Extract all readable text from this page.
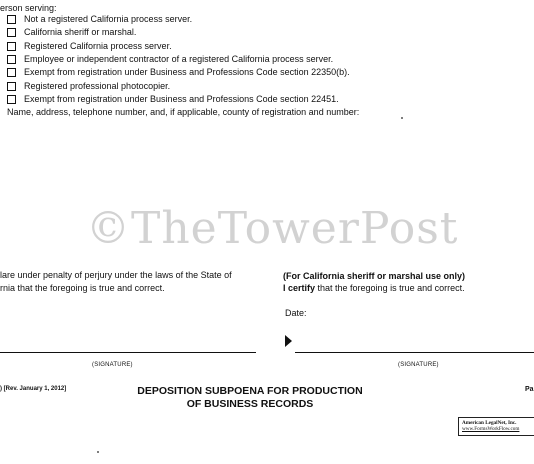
erson serving:
Not a registered California process server.
California sheriff or marshal.
Registered California process server.
Employee or independent contractor of a registered California process server.
Exempt from registration under Business and Professions Code section 22350(b).
Registered professional photocopier.
Exempt from registration under Business and Professions Code section 22451.
Name, address, telephone number, and, if applicable, county of registration and number:
©TheTowerPost
lare under penalty of perjury under the laws of the State of
rnia that the foregoing is true and correct.
(For California sheriff or marshal use only)
I certify that the foregoing is true and correct.
Date:
(SIGNATURE)	(SIGNATURE)
) [Rev. January 1, 2012]	DEPOSITION SUBPOENA FOR PRODUCTION
OF BUSINESS RECORDS
Pa
American LegalNet, Inc.
www.FormsWorkFlow.com
